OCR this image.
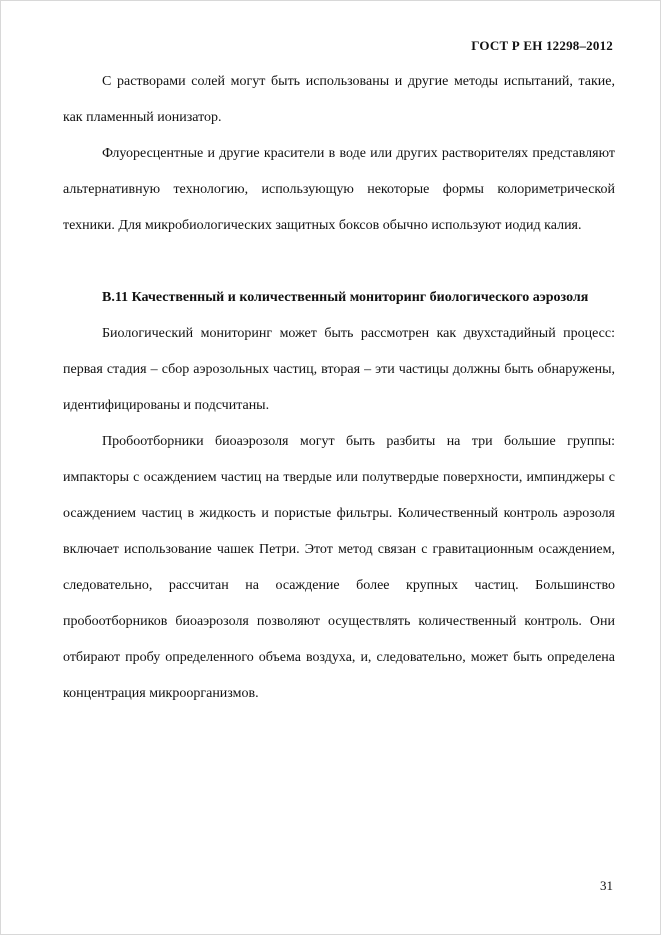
ГОСТ Р ЕН 12298–2012

С растворами солей могут быть использованы и другие методы испытаний, такие, как пламенный ионизатор.

Флуоресцентные и другие красители в воде или других растворителях представляют альтернативную технологию, использующую некоторые формы колориметрической техники. Для микробиологических защитных боксов обычно используют иодид калия.

В.11 Качественный и количественный мониторинг биологического аэрозоля

Биологический мониторинг может быть рассмотрен как двухстадийный процесс: первая стадия – сбор аэрозольных частиц, вторая – эти частицы должны быть обнаружены, идентифицированы и подсчитаны.

Пробоотборники биоаэрозоля могут быть разбиты на три большие группы: импакторы с осаждением частиц на твердые или полутвердые поверхности, импинджеры с осаждением частиц в жидкость и пористые фильтры. Количественный контроль аэрозоля включает использование чашек Петри. Этот метод связан с гравитационным осаждением, следовательно, рассчитан на осаждение более крупных частиц. Большинство пробоотборников биоаэрозоля позволяют осуществлять количественный контроль. Они отбирают пробу определенного объема воздуха, и, следовательно, может быть определена концентрация микроорганизмов.

31
